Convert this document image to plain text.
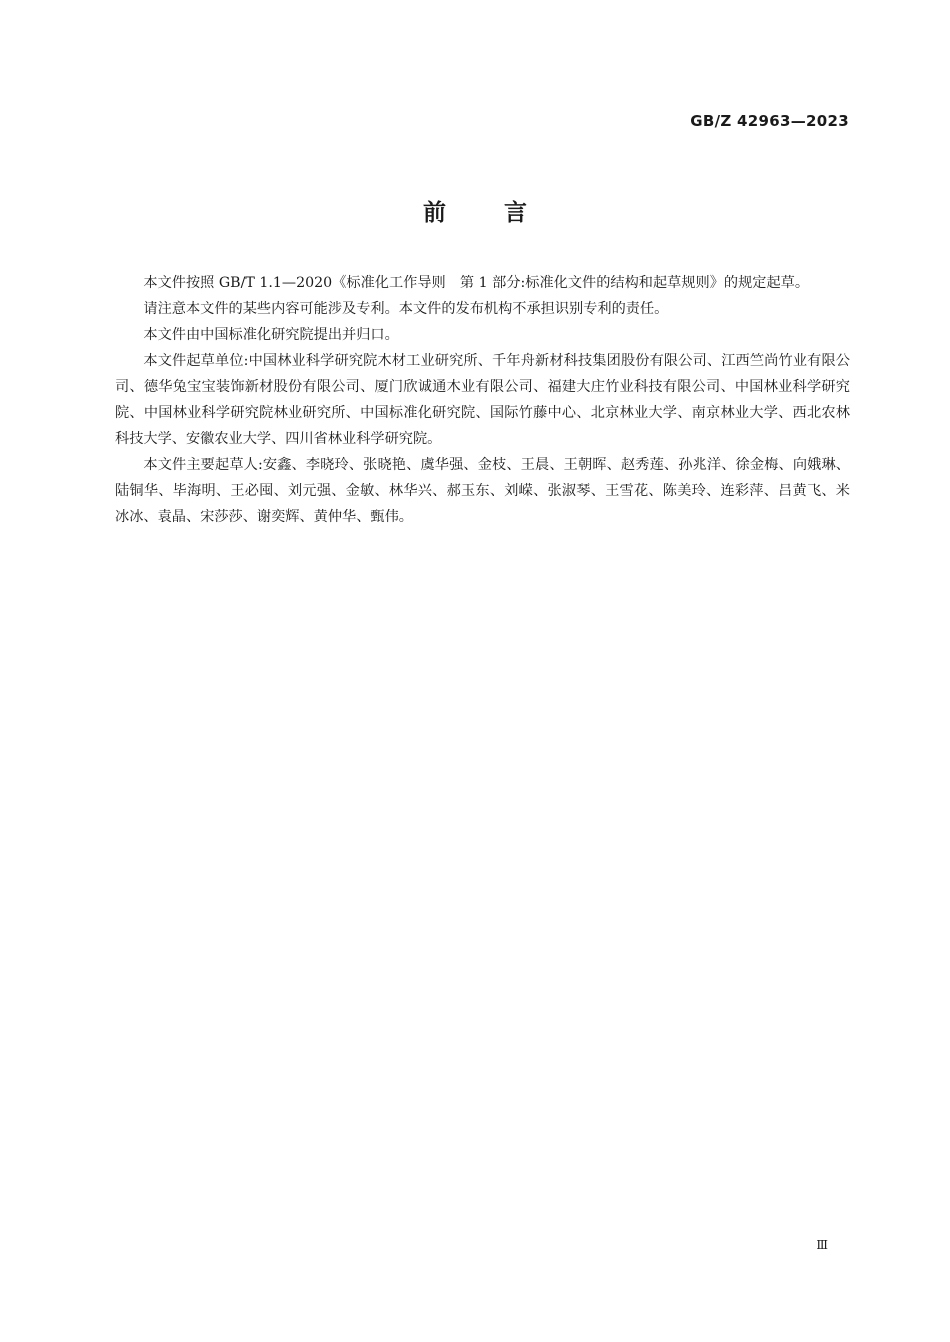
GB/Z 42963—2023
前言

本文件按照 GB/T 1.1—2020《标准化工作导则　第 1 部分:标准化文件的结构和起草规则》的规定起草。

请注意本文件的某些内容可能涉及专利。本文件的发布机构不承担识别专利的责任。

本文件由中国标准化研究院提出并归口。

本文件起草单位:中国林业科学研究院木材工业研究所、千年舟新材科技集团股份有限公司、江西竺尚竹业有限公司、德华兔宝宝装饰新材股份有限公司、厦门欣诚通木业有限公司、福建大庄竹业科技有限公司、中国林业科学研究院、中国林业科学研究院林业研究所、中国标准化研究院、国际竹藤中心、北京林业大学、南京林业大学、西北农林科技大学、安徽农业大学、四川省林业科学研究院。

本文件主要起草人:安鑫、李晓玲、张晓艳、虞华强、金枝、王晨、王朝晖、赵秀莲、孙兆洋、徐金梅、向娥琳、陆铜华、毕海明、王必囤、刘元强、金敏、林华兴、郝玉东、刘嵘、张淑琴、王雪花、陈美玲、连彩萍、吕黄飞、米冰冰、袁晶、宋莎莎、谢奕辉、黄仲华、甄伟。

Ⅲ
